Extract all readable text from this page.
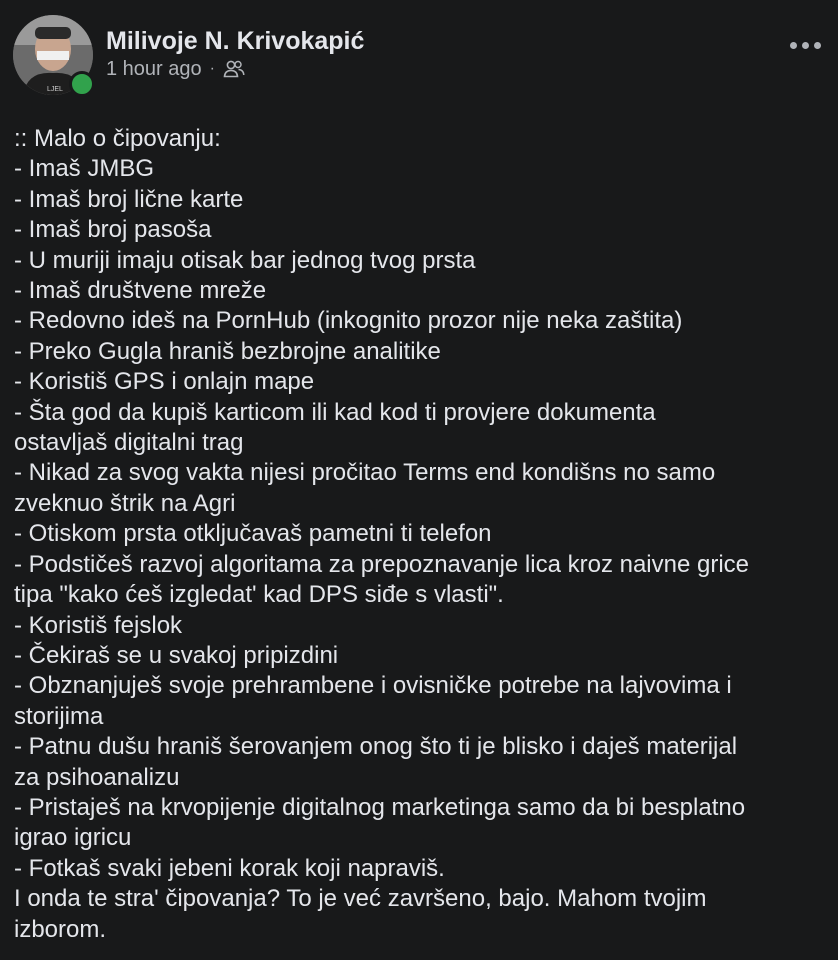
LJEL
Milivoje N. Krivokapić
1 hour ago ·
:: Malo o čipovanju:
- Imaš JMBG
- Imaš broj lične karte
- Imaš broj pasoša
- U muriji imaju otisak bar jednog tvog prsta
- Imaš društvene mreže
- Redovno ideš na PornHub (inkognito prozor nije neka zaštita)
- Preko Gugla hraniš bezbrojne analitike
- Koristiš GPS i onlajn mape
- Šta god da kupiš karticom ili kad kod ti provjere dokumenta
ostavljaš digitalni trag
- Nikad za svog vakta nijesi pročitao Terms end kondišns no samo
zveknuo štrik na Agri
- Otiskom prsta otključavaš pametni ti telefon
- Podstičeš razvoj algoritama za prepoznavanje lica kroz naivne grice
tipa "kako ćeš izgledat' kad DPS siđe s vlasti".
- Koristiš fejslok
- Čekiraš se u svakoj pripizdini
- Obznanjuješ svoje prehrambene i ovisničke potrebe na lajvovima i
storijima
- Patnu dušu hraniš šerovanjem onog što ti je blisko i daješ materijal
za psihoanalizu
- Pristaješ na krvopijenje digitalnog marketinga samo da bi besplatno
igrao igricu
- Fotkaš svaki jebeni korak koji napraviš.
I onda te stra' čipovanja? To je već završeno, bajo. Mahom tvojim
izborom.
